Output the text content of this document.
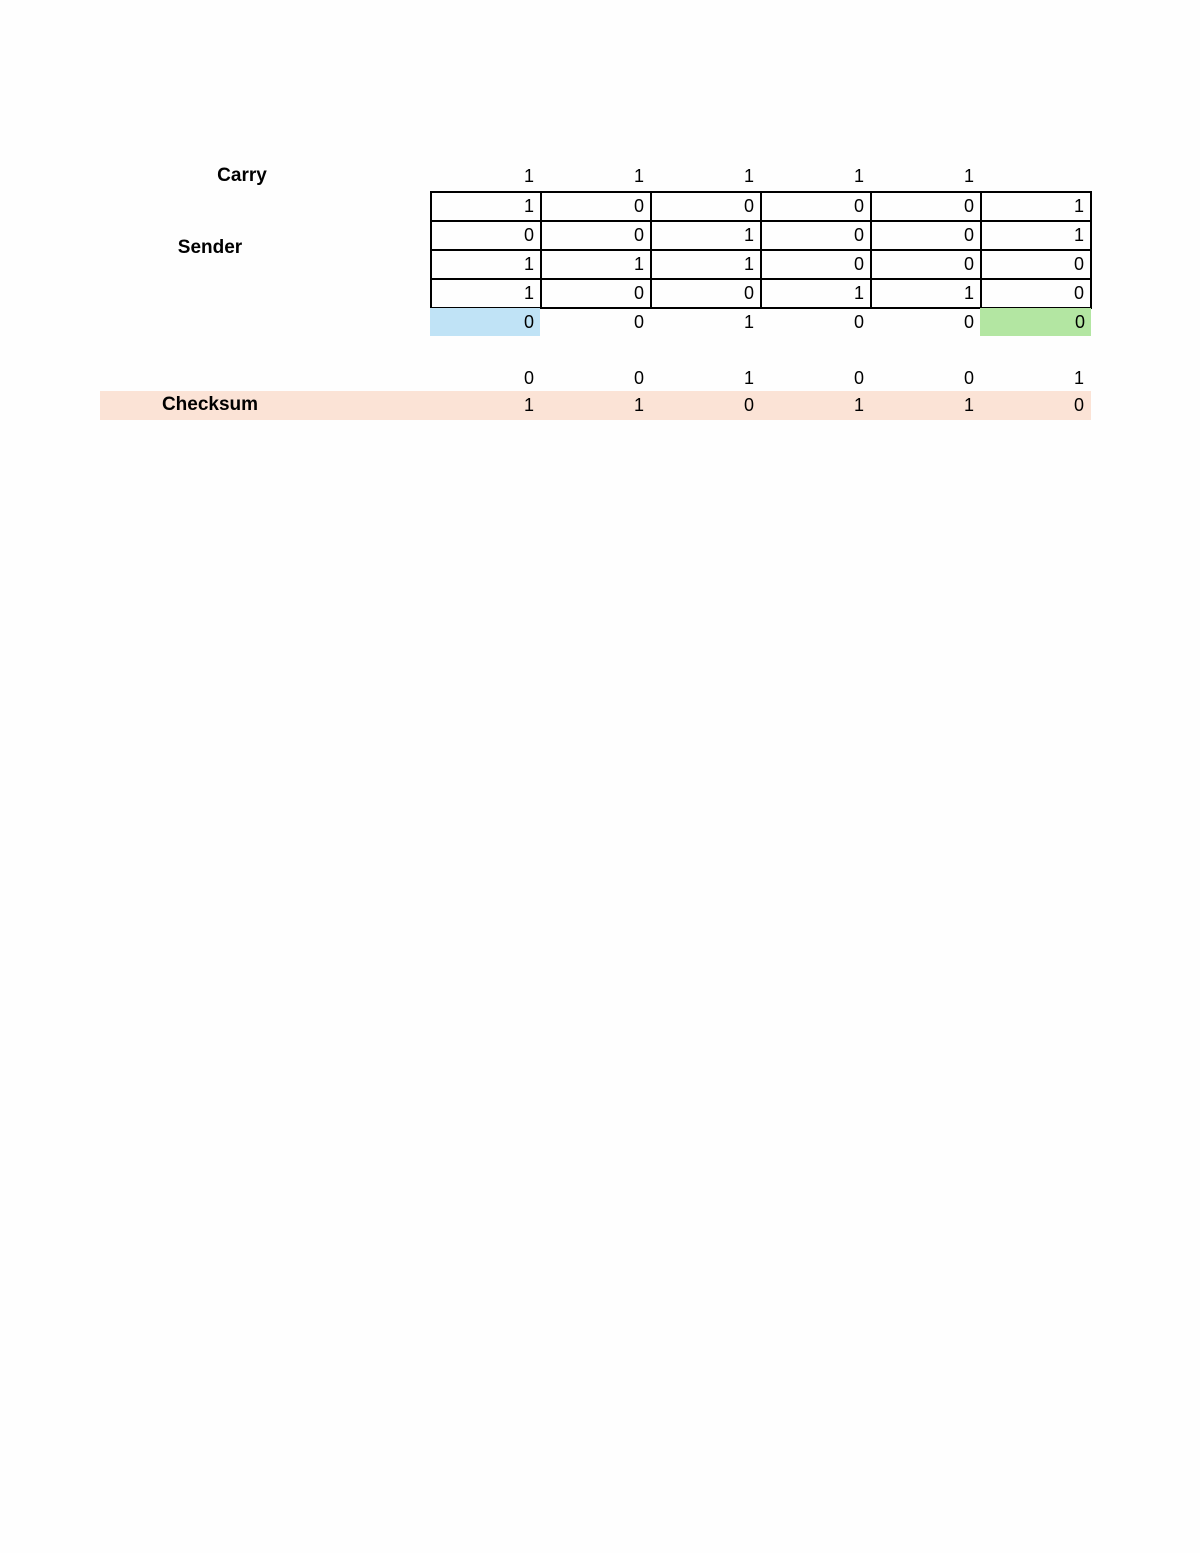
Carry	1	1	1	1	1
Sender
1	0	0	0	0	1
0	0	1	0	0	1
1	1	1	0	0	0
1	0	0	1	1	0
0	0	1	0	0	0
0	0	1	0	0	1
Checksum	1	1	0	1	1	0
